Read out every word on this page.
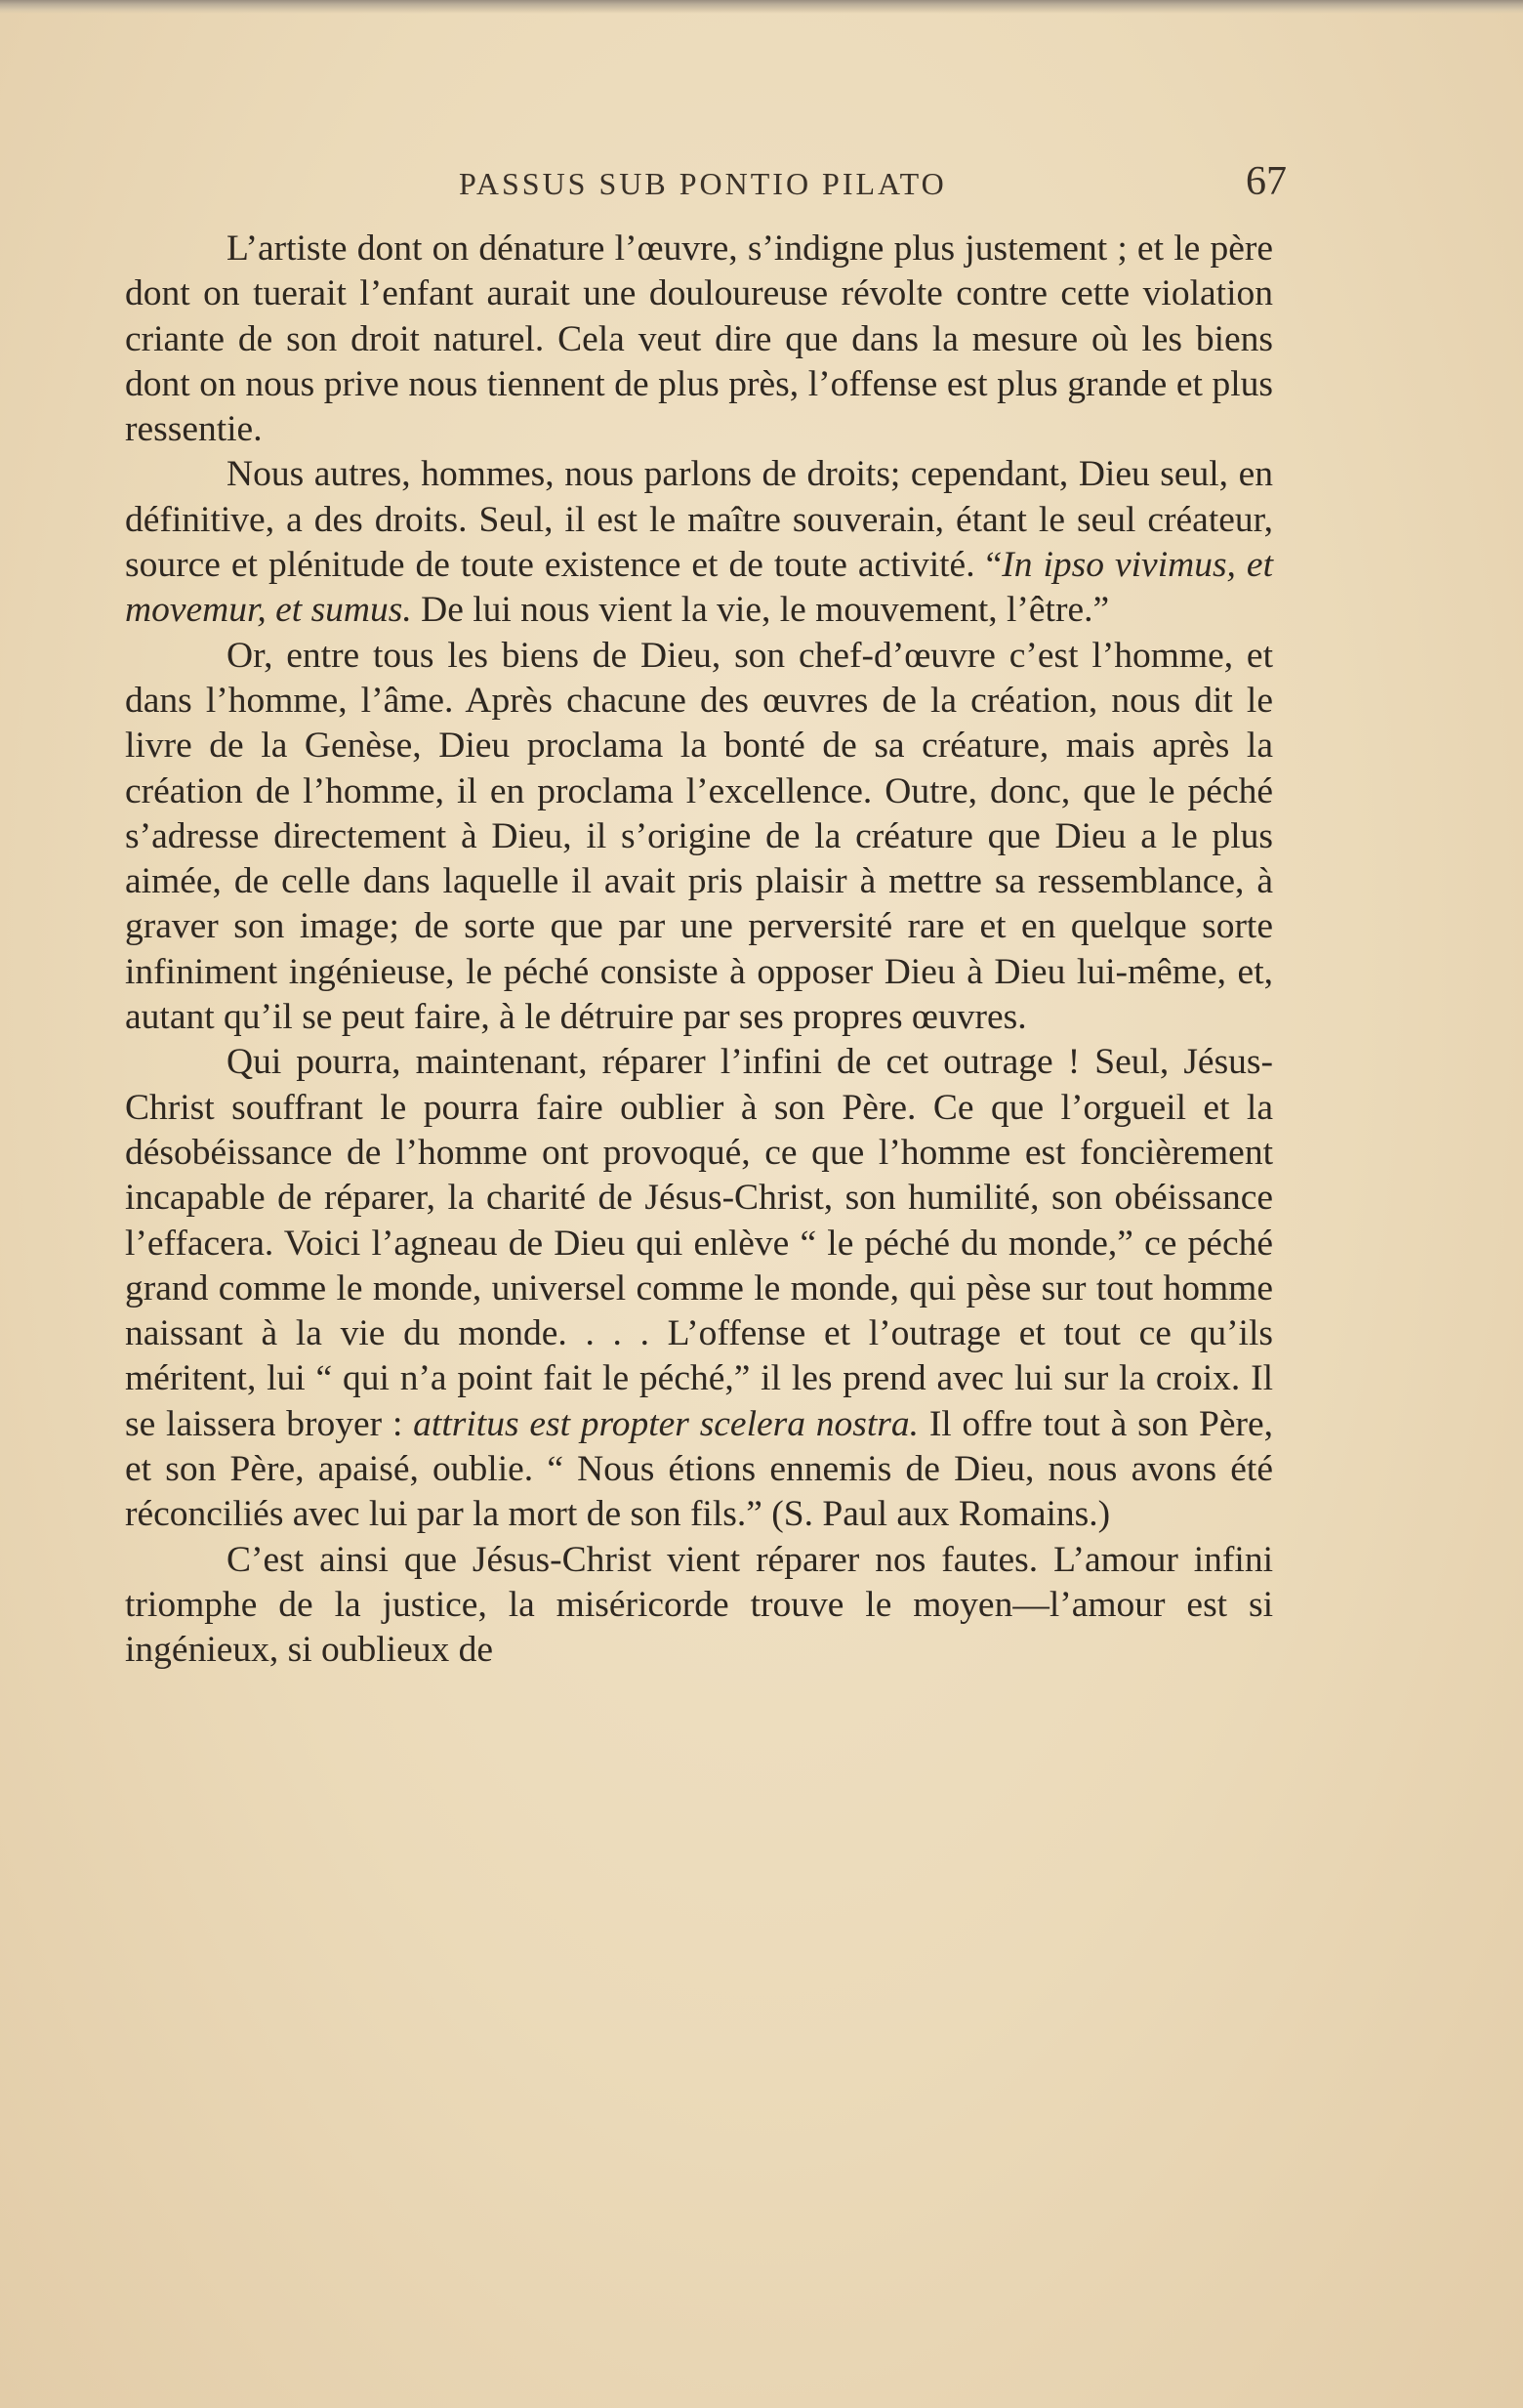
PASSUS SUB PONTIO PILATO	67

L’artiste dont on dénature l’œuvre, s’indigne plus justement ; et le père dont on tuerait l’enfant aurait une douloureuse révolte contre cette violation criante de son droit naturel. Cela veut dire que dans la mesure où les biens dont on nous prive nous tiennent de plus près, l’offense est plus grande et plus ressentie.

Nous autres, hommes, nous parlons de droits; cependant, Dieu seul, en définitive, a des droits. Seul, il est le maître souverain, étant le seul créateur, source et plénitude de toute existence et de toute activité. “In ipso vivimus, et movemur, et sumus. De lui nous vient la vie, le mouvement, l’être.”

Or, entre tous les biens de Dieu, son chef-d’œuvre c’est l’homme, et dans l’homme, l’âme. Après chacune des œuvres de la création, nous dit le livre de la Genèse, Dieu proclama la bonté de sa créature, mais après la création de l’homme, il en proclama l’excellence. Outre, donc, que le péché s’adresse directement à Dieu, il s’origine de la créature que Dieu a le plus aimée, de celle dans laquelle il avait pris plaisir à mettre sa ressemblance, à graver son image; de sorte que par une perversité rare et en quelque sorte infiniment ingénieuse, le péché consiste à opposer Dieu à Dieu lui-même, et, autant qu’il se peut faire, à le détruire par ses propres œuvres.

Qui pourra, maintenant, réparer l’infini de cet outrage ! Seul, Jésus-Christ souffrant le pourra faire oublier à son Père. Ce que l’orgueil et la désobéissance de l’homme ont provoqué, ce que l’homme est foncièrement incapable de réparer, la charité de Jésus-Christ, son humilité, son obéissance l’effacera. Voici l’agneau de Dieu qui enlève “ le péché du monde,” ce péché grand comme le monde, universel comme le monde, qui pèse sur tout homme naissant à la vie du monde. . . . L’offense et l’outrage et tout ce qu’ils méritent, lui “ qui n’a point fait le péché,” il les prend avec lui sur la croix. Il se laissera broyer : attritus est propter scelera nostra. Il offre tout à son Père, et son Père, apaisé, oublie. “ Nous étions ennemis de Dieu, nous avons été réconciliés avec lui par la mort de son fils.” (S. Paul aux Romains.)

C’est ainsi que Jésus-Christ vient réparer nos fautes. L’amour infini triomphe de la justice, la miséricorde trouve le moyen—l’amour est si ingénieux, si oublieux de
